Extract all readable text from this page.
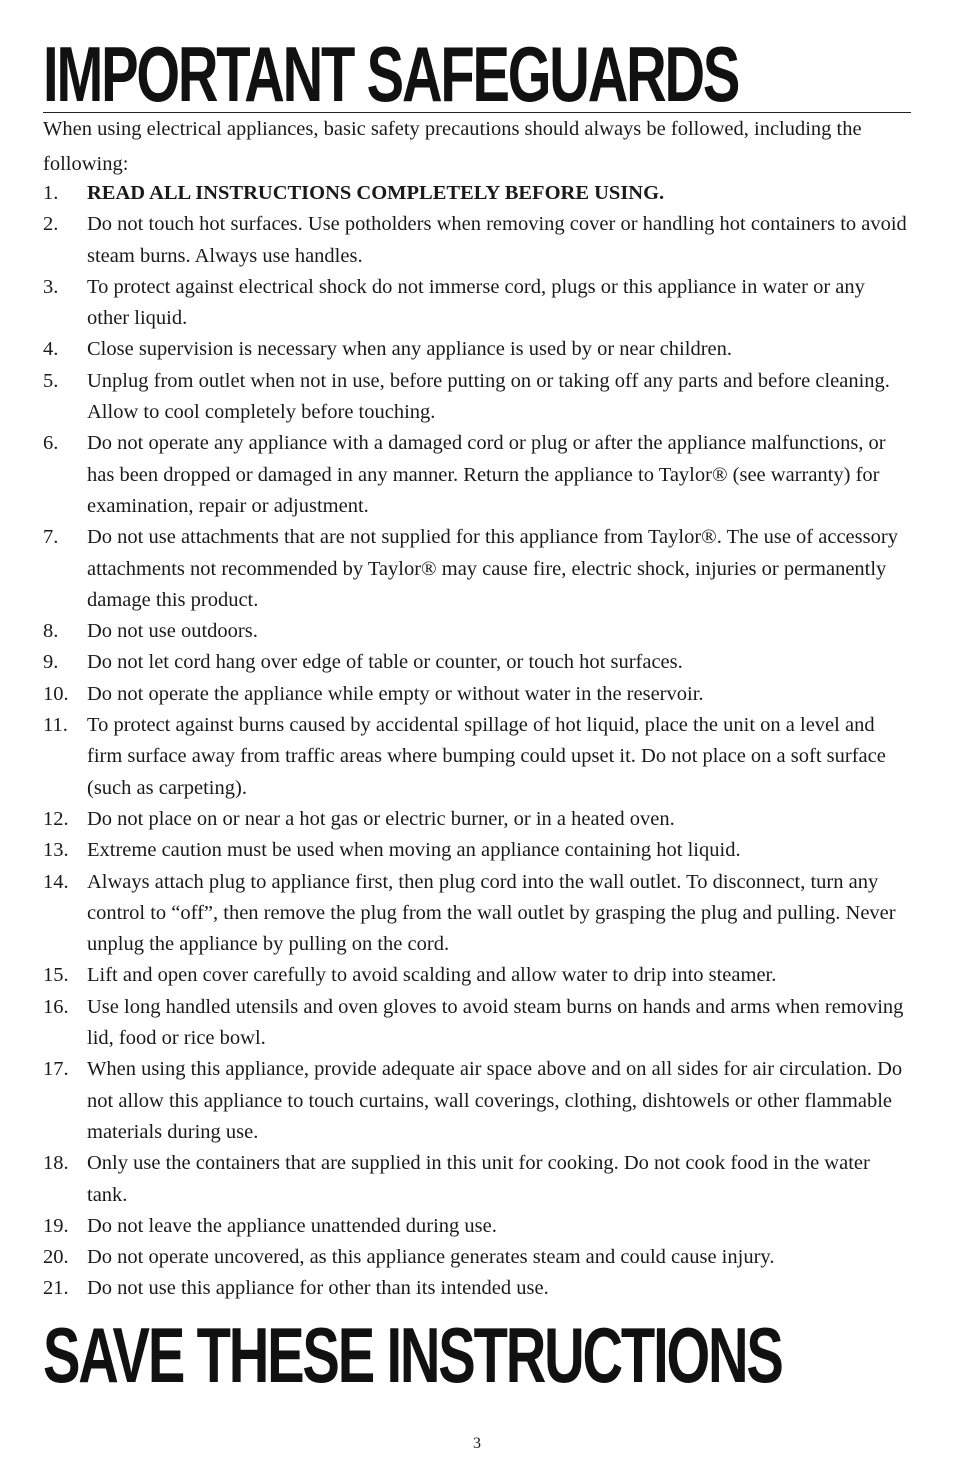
IMPORTANT SAFEGUARDS

When using electrical appliances, basic safety precautions should always be followed, including the following:

1. READ ALL INSTRUCTIONS COMPLETELY BEFORE USING.
2. Do not touch hot surfaces. Use potholders when removing cover or handling hot containers to avoid steam burns. Always use handles.
3. To protect against electrical shock do not immerse cord, plugs or this appliance in water or any other liquid.
4. Close supervision is necessary when any appliance is used by or near children.
5. Unplug from outlet when not in use, before putting on or taking off any parts and before cleaning. Allow to cool completely before touching.
6. Do not operate any appliance with a damaged cord or plug or after the appliance malfunctions, or has been dropped or damaged in any manner. Return the appliance to Taylor® (see warranty) for examination, repair or adjustment.
7. Do not use attachments that are not supplied for this appliance from Taylor®. The use of accessory attachments not recommended by Taylor® may cause fire, electric shock, injuries or permanently damage this product.
8. Do not use outdoors.
9. Do not let cord hang over edge of table or counter, or touch hot surfaces.
10. Do not operate the appliance while empty or without water in the reservoir.
11. To protect against burns caused by accidental spillage of hot liquid, place the unit on a level and firm surface away from traffic areas where bumping could upset it. Do not place on a soft surface (such as carpeting).
12. Do not place on or near a hot gas or electric burner, or in a heated oven.
13. Extreme caution must be used when moving an appliance containing hot liquid.
14. Always attach plug to appliance first, then plug cord into the wall outlet. To disconnect, turn any control to “off”, then remove the plug from the wall outlet by grasping the plug and pulling. Never unplug the appliance by pulling on the cord.
15. Lift and open cover carefully to avoid scalding and allow water to drip into steamer.
16. Use long handled utensils and oven gloves to avoid steam burns on hands and arms when removing lid, food or rice bowl.
17. When using this appliance, provide adequate air space above and on all sides for air circulation. Do not allow this appliance to touch curtains, wall coverings, clothing, dishtowels or other flammable materials during use.
18. Only use the containers that are supplied in this unit for cooking. Do not cook food in the water tank.
19. Do not leave the appliance unattended during use.
20. Do not operate uncovered, as this appliance generates steam and could cause injury.
21. Do not use this appliance for other than its intended use.
SAVE THESE INSTRUCTIONS
3
